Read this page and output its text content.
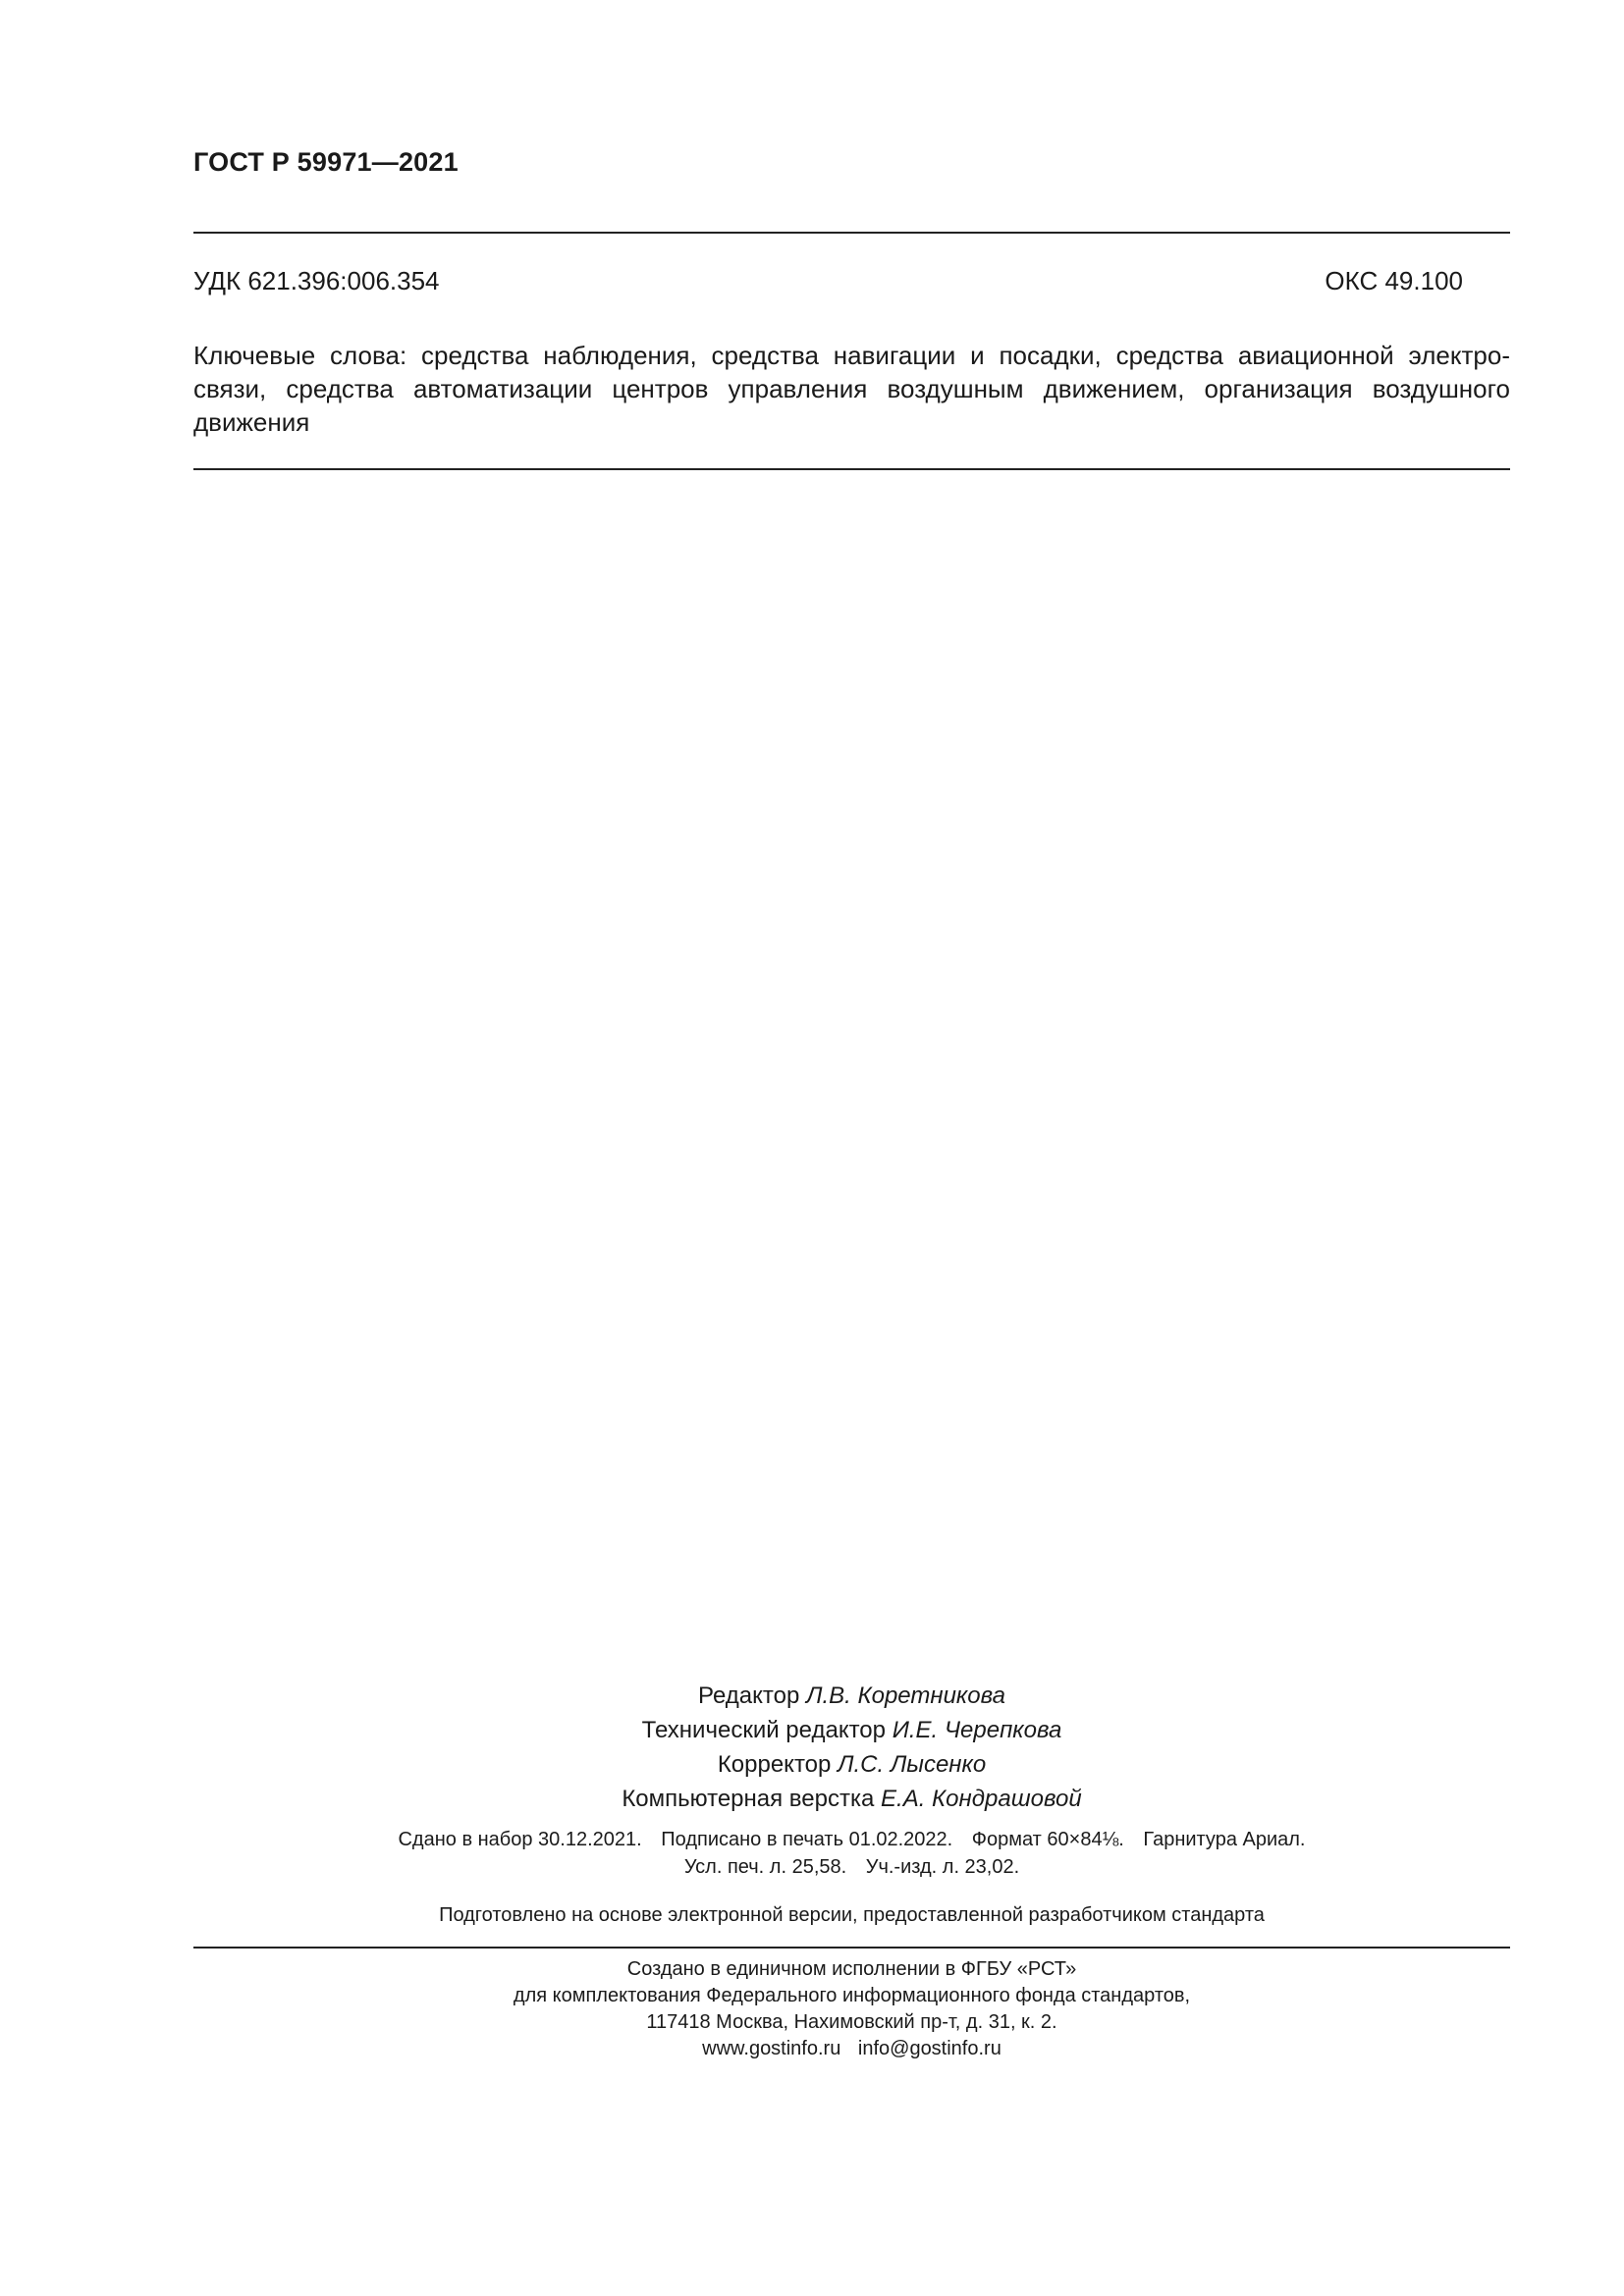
ГОСТ Р 59971—2021
УДК 621.396:006.354	ОКС 49.100
Ключевые слова: средства наблюдения, средства навигации и посадки, средства авиационной электро-
связи, средства автоматизации центров управления воздушным движением, организация воздушного
движения
Редактор Л.В. Коретникова
Технический редактор И.Е. Черепкова
Корректор Л.С. Лысенко
Компьютерная верстка Е.А. Кондрашовой
Сдано в набор 30.12.2021. Подписано в печать 01.02.2022. Формат 60×84⅛. Гарнитура Ариал.
Усл. печ. л. 25,58. Уч.-изд. л. 23,02.
Подготовлено на основе электронной версии, предоставленной разработчиком стандарта
Создано в единичном исполнении в ФГБУ «РСТ»
для комплектования Федерального информационного фонда стандартов,
117418 Москва, Нахимовский пр-т, д. 31, к. 2.
www.gostinfo.ru info@gostinfo.ru
